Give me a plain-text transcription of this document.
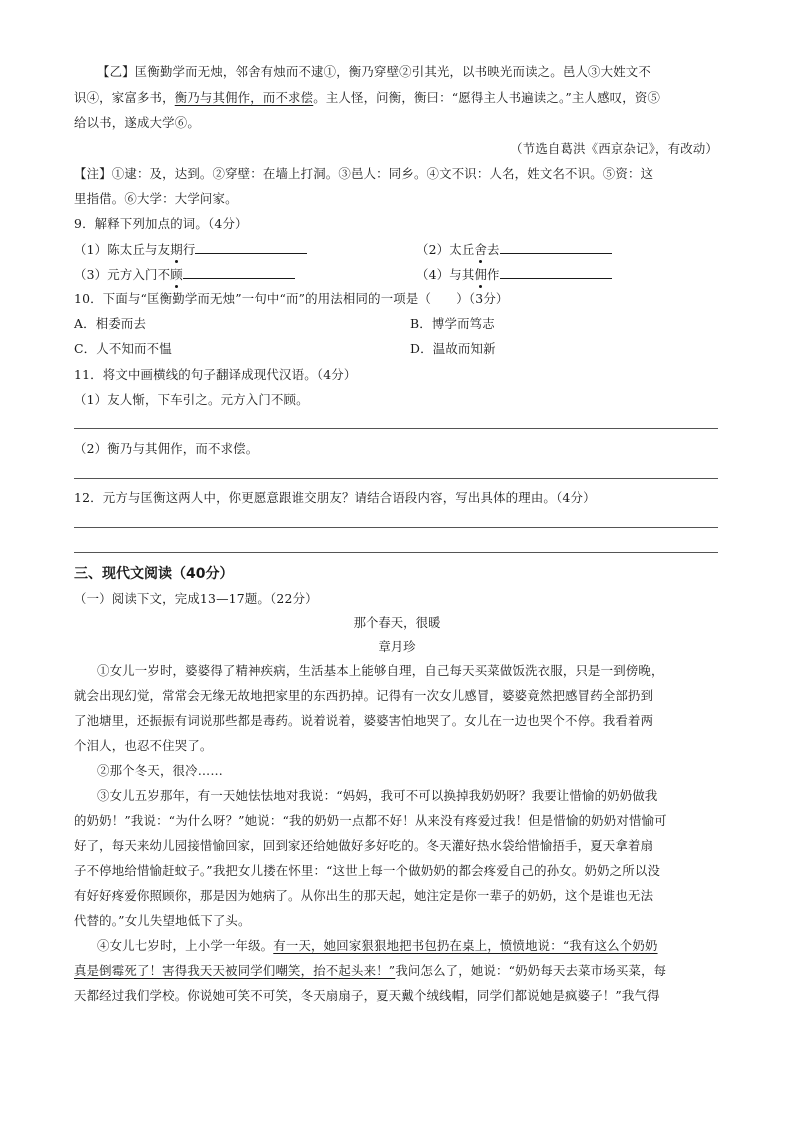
【乙】匡衡勤学而无烛，邻舍有烛而不逮①，衡乃穿壁②引其光，以书映光而读之。邑人③大姓文不
识④，家富多书，衡乃与其佣作，而不求偿。主人怪，问衡，衡曰：“愿得主人书遍读之。”主人感叹，资⑤
给以书，遂成大学⑥。
（节选自葛洪《西京杂记》，有改动）
【注】①逮：及，达到。②穿壁：在墙上打洞。③邑人：同乡。④文不识：人名，姓文名不识。⑤资：这
里指借。⑥大学：大学问家。
9．解释下列加点的词。（4分）
（1）陈太丘与友期行	（2）太丘舍去
（3）元方入门不顾	（4）与其佣作
10．下面与“匡衡勤学而无烛”一句中“而”的用法相同的一项是（　　）（3分）
A．相委而去	B．博学而笃志
C．人不知而不愠	D．温故而知新
11．将文中画横线的句子翻译成现代汉语。（4分）
（1）友人惭，下车引之。元方入门不顾。
（2）衡乃与其佣作，而不求偿。
12．元方与匡衡这两人中，你更愿意跟谁交朋友？请结合语段内容，写出具体的理由。（4分）
三、现代文阅读（40分）
（一）阅读下文，完成13—17题。（22分）
那个春天，很暖
章月珍
①女儿一岁时，婆婆得了精神疾病，生活基本上能够自理，自己每天买菜做饭洗衣服，只是一到傍晚，
就会出现幻觉，常常会无缘无故地把家里的东西扔掉。记得有一次女儿感冒，婆婆竟然把感冒药全部扔到
了池塘里，还振振有词说那些都是毒药。说着说着，婆婆害怕地哭了。女儿在一边也哭个不停。我看着两
个泪人，也忍不住哭了。
②那个冬天，很冷……
③女儿五岁那年，有一天她怯怯地对我说：“妈妈，我可不可以换掉我奶奶呀？我要让惜愉的奶奶做我
的奶奶！”我说：“为什么呀？”她说：“我的奶奶一点都不好！从来没有疼爱过我！但是惜愉的奶奶对惜愉可
好了，每天来幼儿园接惜愉回家，回到家还给她做好多好吃的。冬天灌好热水袋给惜愉捂手，夏天拿着扇
子不停地给惜愉赶蚊子。”我把女儿搂在怀里：“这世上每一个做奶奶的都会疼爱自己的孙女。奶奶之所以没
有好好疼爱你照顾你，那是因为她病了。从你出生的那天起，她注定是你一辈子的奶奶，这个是谁也无法
代替的。”女儿失望地低下了头。
④女儿七岁时，上小学一年级。有一天，她回家狠狠地把书包扔在桌上，愤愤地说：“我有这么个奶奶
真是倒霉死了！害得我天天被同学们嘲笑，抬不起头来！”我问怎么了，她说：“奶奶每天去菜市场买菜，每
天都经过我们学校。你说她可笑不可笑，冬天扇扇子，夏天戴个绒线帽，同学们都说她是疯婆子！”我气得
